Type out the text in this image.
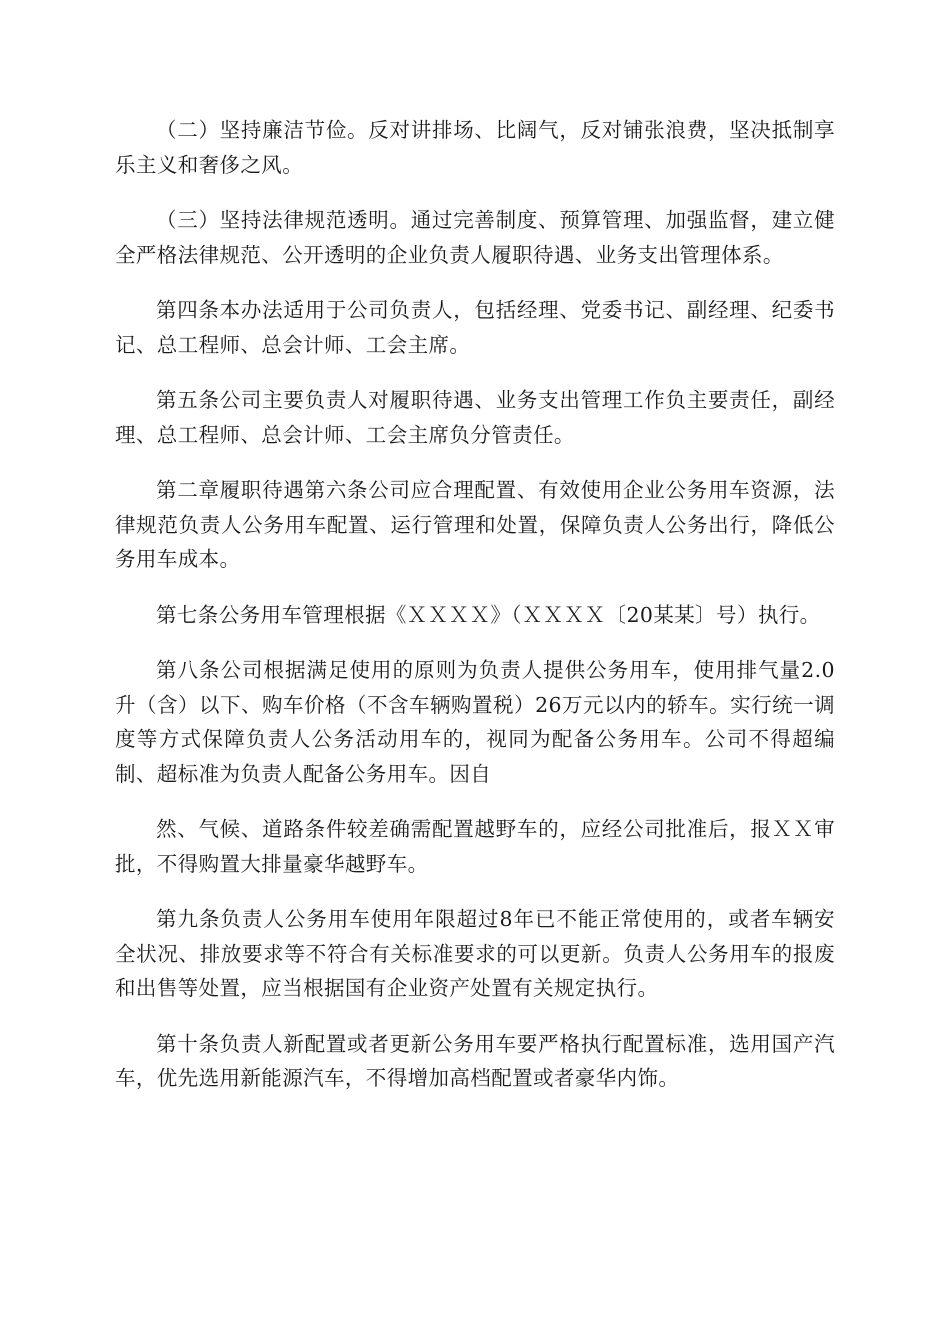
（二）坚持廉洁节俭。反对讲排场、比阔气，反对铺张浪费，坚决抵制享乐主义和奢侈之风。

（三）坚持法律规范透明。通过完善制度、预算管理、加强监督，建立健全严格法律规范、公开透明的企业负责人履职待遇、业务支出管理体系。

第四条本办法适用于公司负责人，包括经理、党委书记、副经理、纪委书记、总工程师、总会计师、工会主席。

第五条公司主要负责人对履职待遇、业务支出管理工作负主要责任，副经理、总工程师、总会计师、工会主席负分管责任。

第二章履职待遇第六条公司应合理配置、有效使用企业公务用车资源，法律规范负责人公务用车配置、运行管理和处置，保障负责人公务出行，降低公务用车成本。

第七条公务用车管理根据《ＸＸＸＸ》（ＸＸＸＸ〔20某某〕号）执行。

第八条公司根据满足使用的原则为负责人提供公务用车，使用排气量2.0升（含）以下、购车价格（不含车辆购置税）26万元以内的轿车。实行统一调度等方式保障负责人公务活动用车的，视同为配备公务用车。公司不得超编制、超标准为负责人配备公务用车。因自

然、气候、道路条件较差确需配置越野车的，应经公司批准后，报ＸＸ审批，不得购置大排量豪华越野车。

第九条负责人公务用车使用年限超过8年已不能正常使用的，或者车辆安全状况、排放要求等不符合有关标准要求的可以更新。负责人公务用车的报废和出售等处置，应当根据国有企业资产处置有关规定执行。

第十条负责人新配置或者更新公务用车要严格执行配置标准，选用国产汽车，优先选用新能源汽车，不得增加高档配置或者豪华内饰。
